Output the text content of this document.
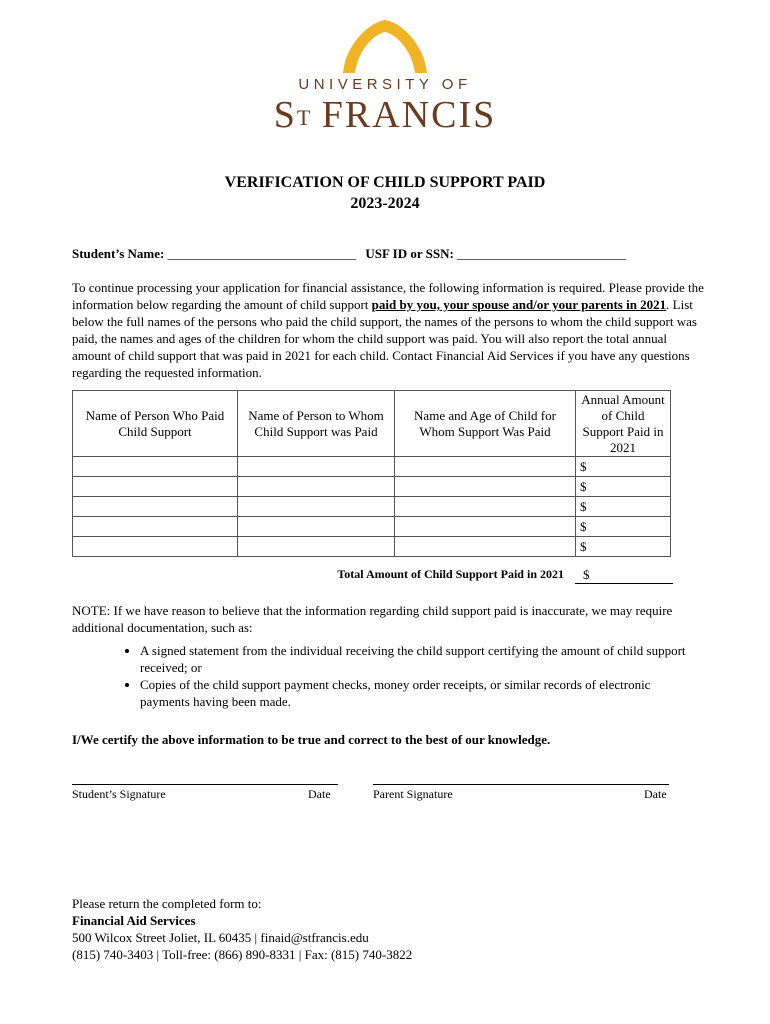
UNIVERSITY OF
$S^T$ FRANCIS
VERIFICATION OF CHILD SUPPORT PAID
2023-2024
Student’s Name: _____________________________ USF ID or SSN: __________________________
To continue processing your application for financial assistance, the following information is required. Please provide the information below regarding the amount of child support paid by you, your spouse and/or your parents in 2021. List below the full names of the persons who paid the child support, the names of the persons to whom the child support was paid, the names and ages of the children for whom the child support was paid. You will also report the total annual amount of child support that was paid in 2021 for each child. Contact Financial Aid Services if you have any questions regarding the requested information.
Name of Person Who Paid Child Support	Name of Person to Whom Child Support was Paid	Name and Age of Child for Whom Support Was Paid	Annual Amount of Child Support Paid in 2021
			$
			$
			$
			$
			$
Total Amount of Child Support Paid in 2021	$
NOTE: If we have reason to believe that the information regarding child support paid is inaccurate, we may require additional documentation, such as:
• A signed statement from the individual receiving the child support certifying the amount of child support received; or
• Copies of the child support payment checks, money order receipts, or similar records of electronic payments having been made.
I/We certify the above information to be true and correct to the best of our knowledge.
Student’s Signature	Date	Parent Signature	Date
Please return the completed form to:
Financial Aid Services
500 Wilcox Street Joliet, IL 60435 | finaid@stfrancis.edu
(815) 740-3403 | Toll-free: (866) 890-8331 | Fax: (815) 740-3822
